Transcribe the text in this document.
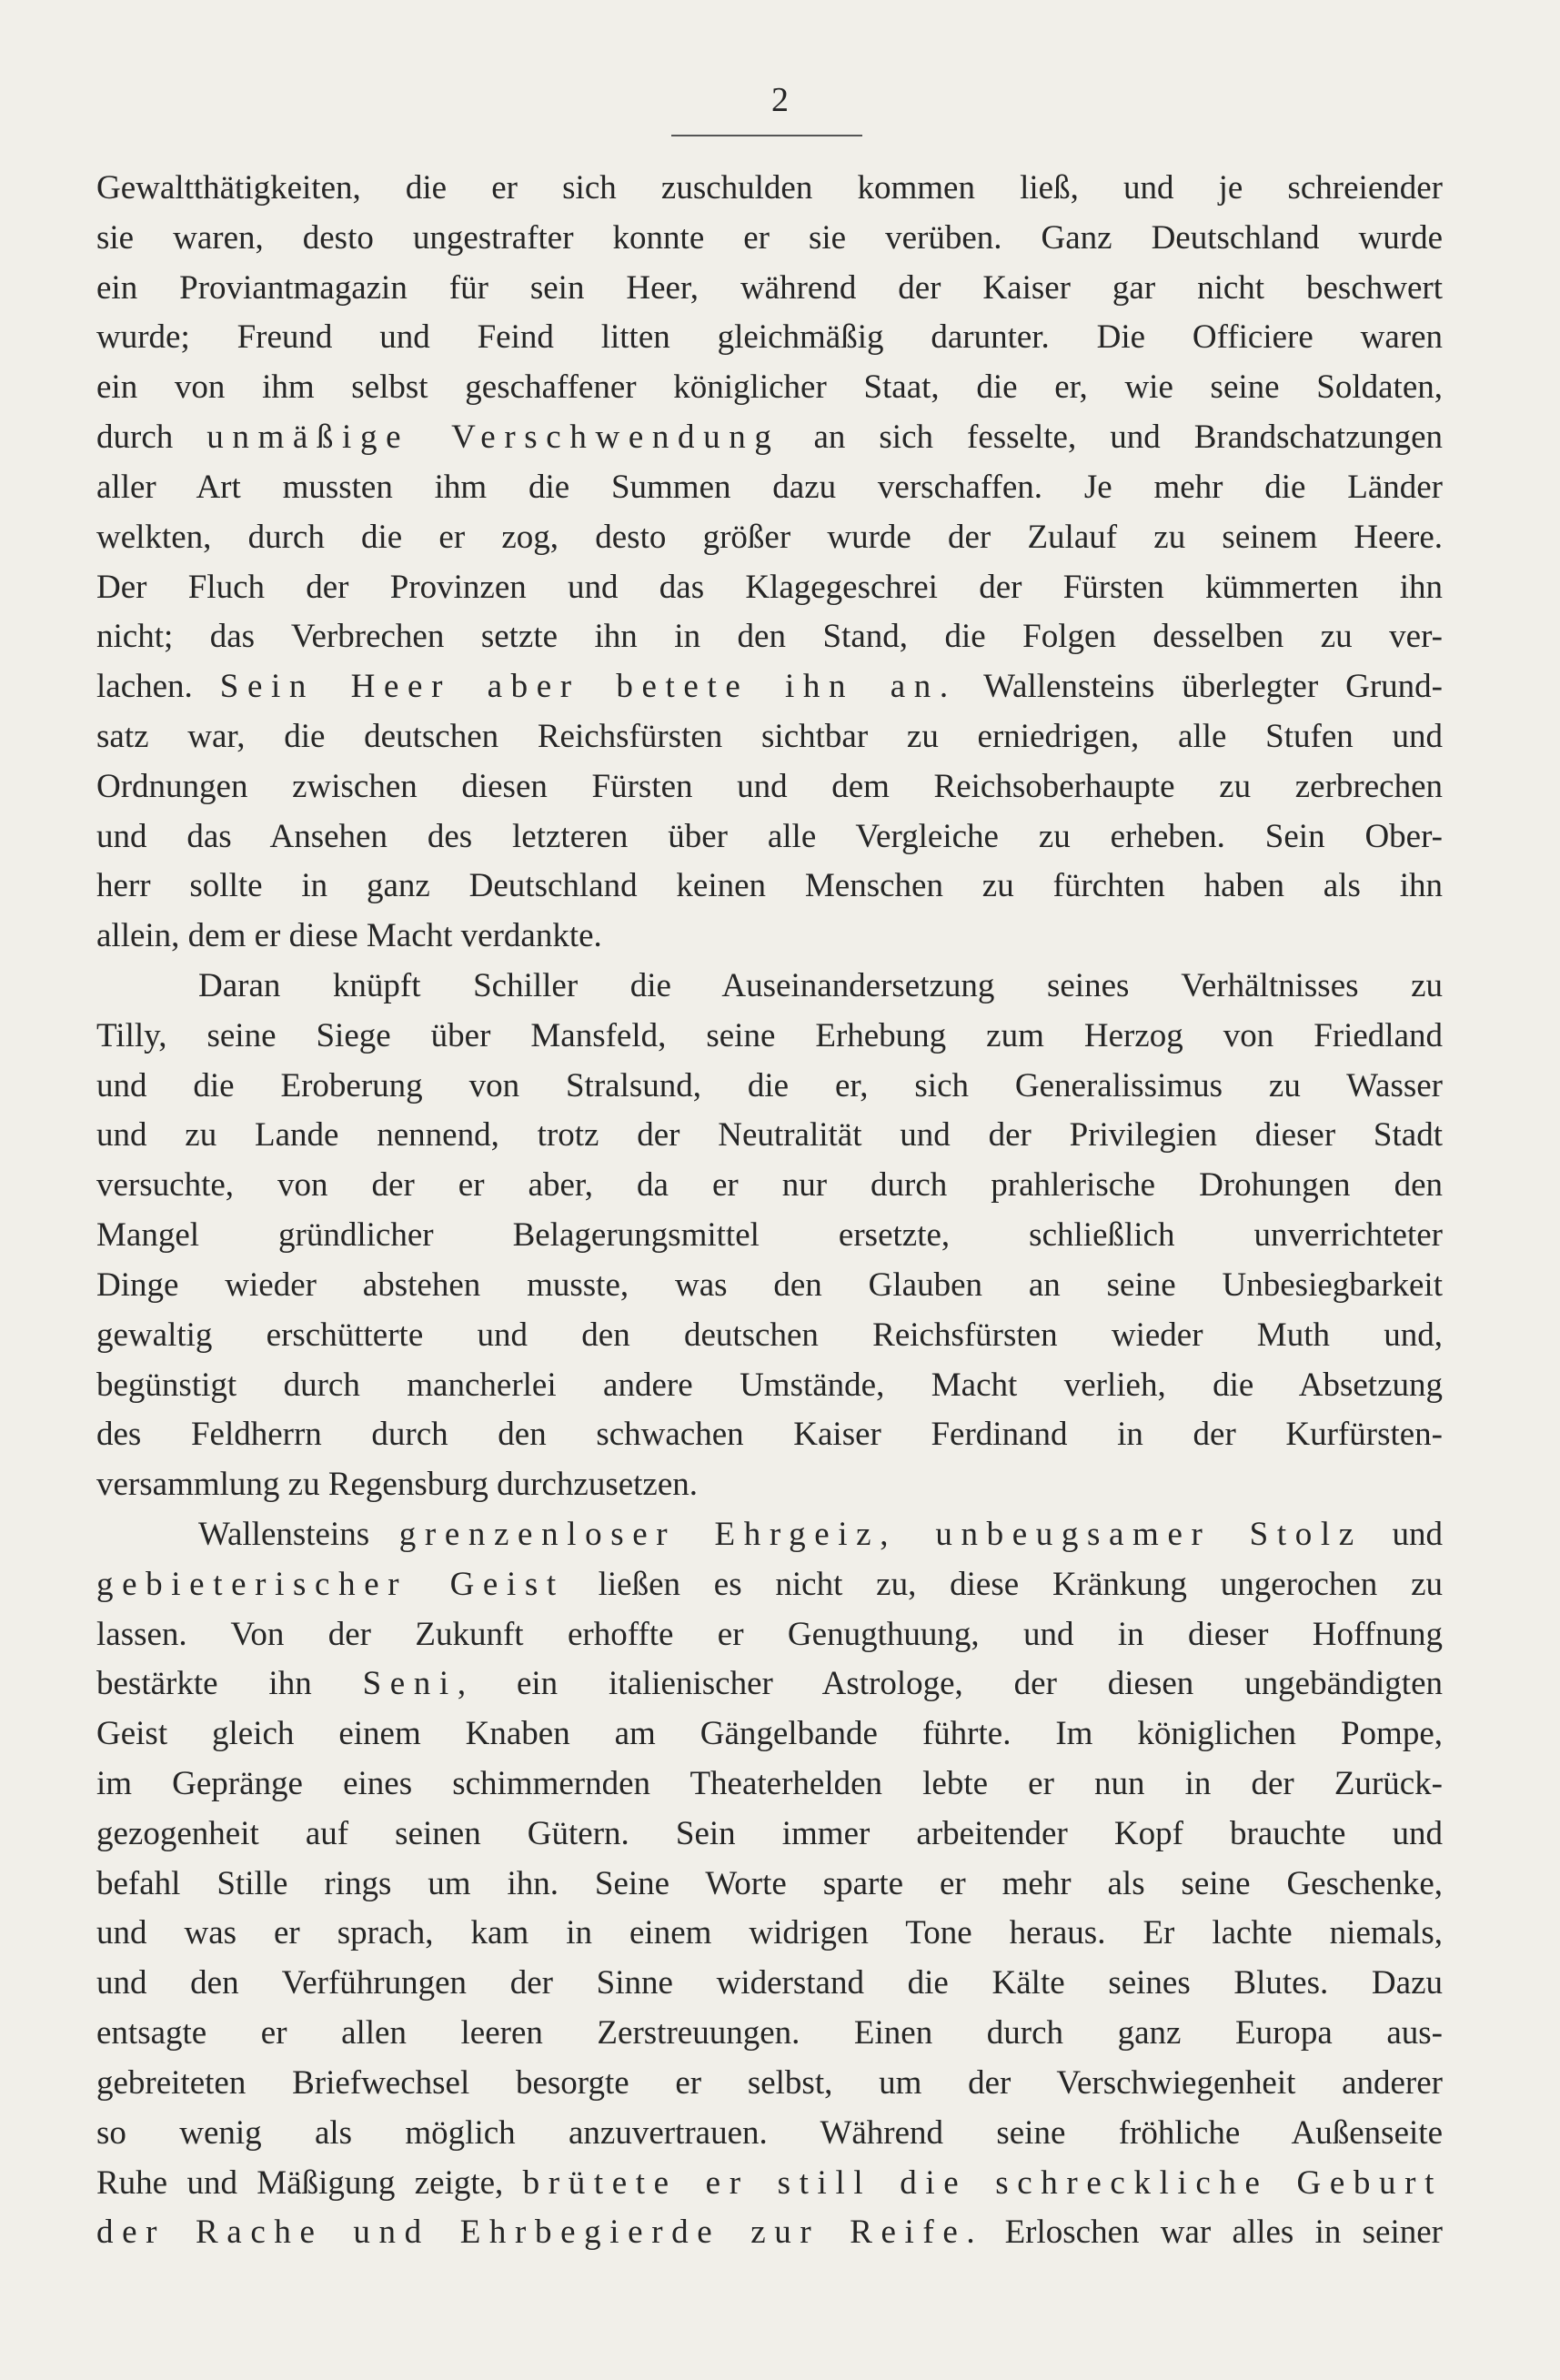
2
Gewaltthätigkeiten, die er sich zuschulden kommen ließ, und je schreiender
sie waren, desto ungestrafter konnte er sie verüben. Ganz Deutschland wurde
ein Proviantmagazin für sein Heer, während der Kaiser gar nicht beschwert
wurde; Freund und Feind litten gleichmäßig darunter. Die Officiere waren
ein von ihm selbst geschaffener königlicher Staat, die er, wie seine Soldaten,
durch unmäßige Verschwendung an sich fesselte, und Brandschatzungen
aller Art mussten ihm die Summen dazu verschaffen. Je mehr die Länder
welkten, durch die er zog, desto größer wurde der Zulauf zu seinem Heere.
Der Fluch der Provinzen und das Klagegeschrei der Fürsten kümmerten ihn
nicht; das Verbrechen setzte ihn in den Stand, die Folgen desselben zu ver-
lachen. Sein Heer aber betete ihn an. Wallensteins überlegter Grund-
satz war, die deutschen Reichsfürsten sichtbar zu erniedrigen, alle Stufen und
Ordnungen zwischen diesen Fürsten und dem Reichsoberhaupte zu zerbrechen
und das Ansehen des letzteren über alle Vergleiche zu erheben. Sein Ober-
herr sollte in ganz Deutschland keinen Menschen zu fürchten haben als ihn
allein, dem er diese Macht verdankte.
Daran knüpft Schiller die Auseinandersetzung seines Verhältnisses zu
Tilly, seine Siege über Mansfeld, seine Erhebung zum Herzog von Friedland
und die Eroberung von Stralsund, die er, sich Generalissimus zu Wasser
und zu Lande nennend, trotz der Neutralität und der Privilegien dieser Stadt
versuchte, von der er aber, da er nur durch prahlerische Drohungen den
Mangel gründlicher Belagerungsmittel ersetzte, schließlich unverrichteter
Dinge wieder abstehen musste, was den Glauben an seine Unbesiegbarkeit
gewaltig erschütterte und den deutschen Reichsfürsten wieder Muth und,
begünstigt durch mancherlei andere Umstände, Macht verlieh, die Absetzung
des Feldherrn durch den schwachen Kaiser Ferdinand in der Kurfürsten-
versammlung zu Regensburg durchzusetzen.
Wallensteins grenzenloser Ehrgeiz, unbeugsamer Stolz und
gebieterischer Geist ließen es nicht zu, diese Kränkung ungerochen zu
lassen. Von der Zukunft erhoffte er Genugthuung, und in dieser Hoffnung
bestärkte ihn Seni, ein italienischer Astrologe, der diesen ungebändigten
Geist gleich einem Knaben am Gängelbande führte. Im königlichen Pompe,
im Gepränge eines schimmernden Theaterhelden lebte er nun in der Zurück-
gezogenheit auf seinen Gütern. Sein immer arbeitender Kopf brauchte und
befahl Stille rings um ihn. Seine Worte sparte er mehr als seine Geschenke,
und was er sprach, kam in einem widrigen Tone heraus. Er lachte niemals,
und den Verführungen der Sinne widerstand die Kälte seines Blutes. Dazu
entsagte er allen leeren Zerstreuungen. Einen durch ganz Europa aus-
gebreiteten Briefwechsel besorgte er selbst, um der Verschwiegenheit anderer
so wenig als möglich anzuvertrauen. Während seine fröhliche Außenseite
Ruhe und Mäßigung zeigte, brütete er still die schreckliche Geburt
der Rache und Ehrbegierde zur Reife. Erloschen war alles in seiner
